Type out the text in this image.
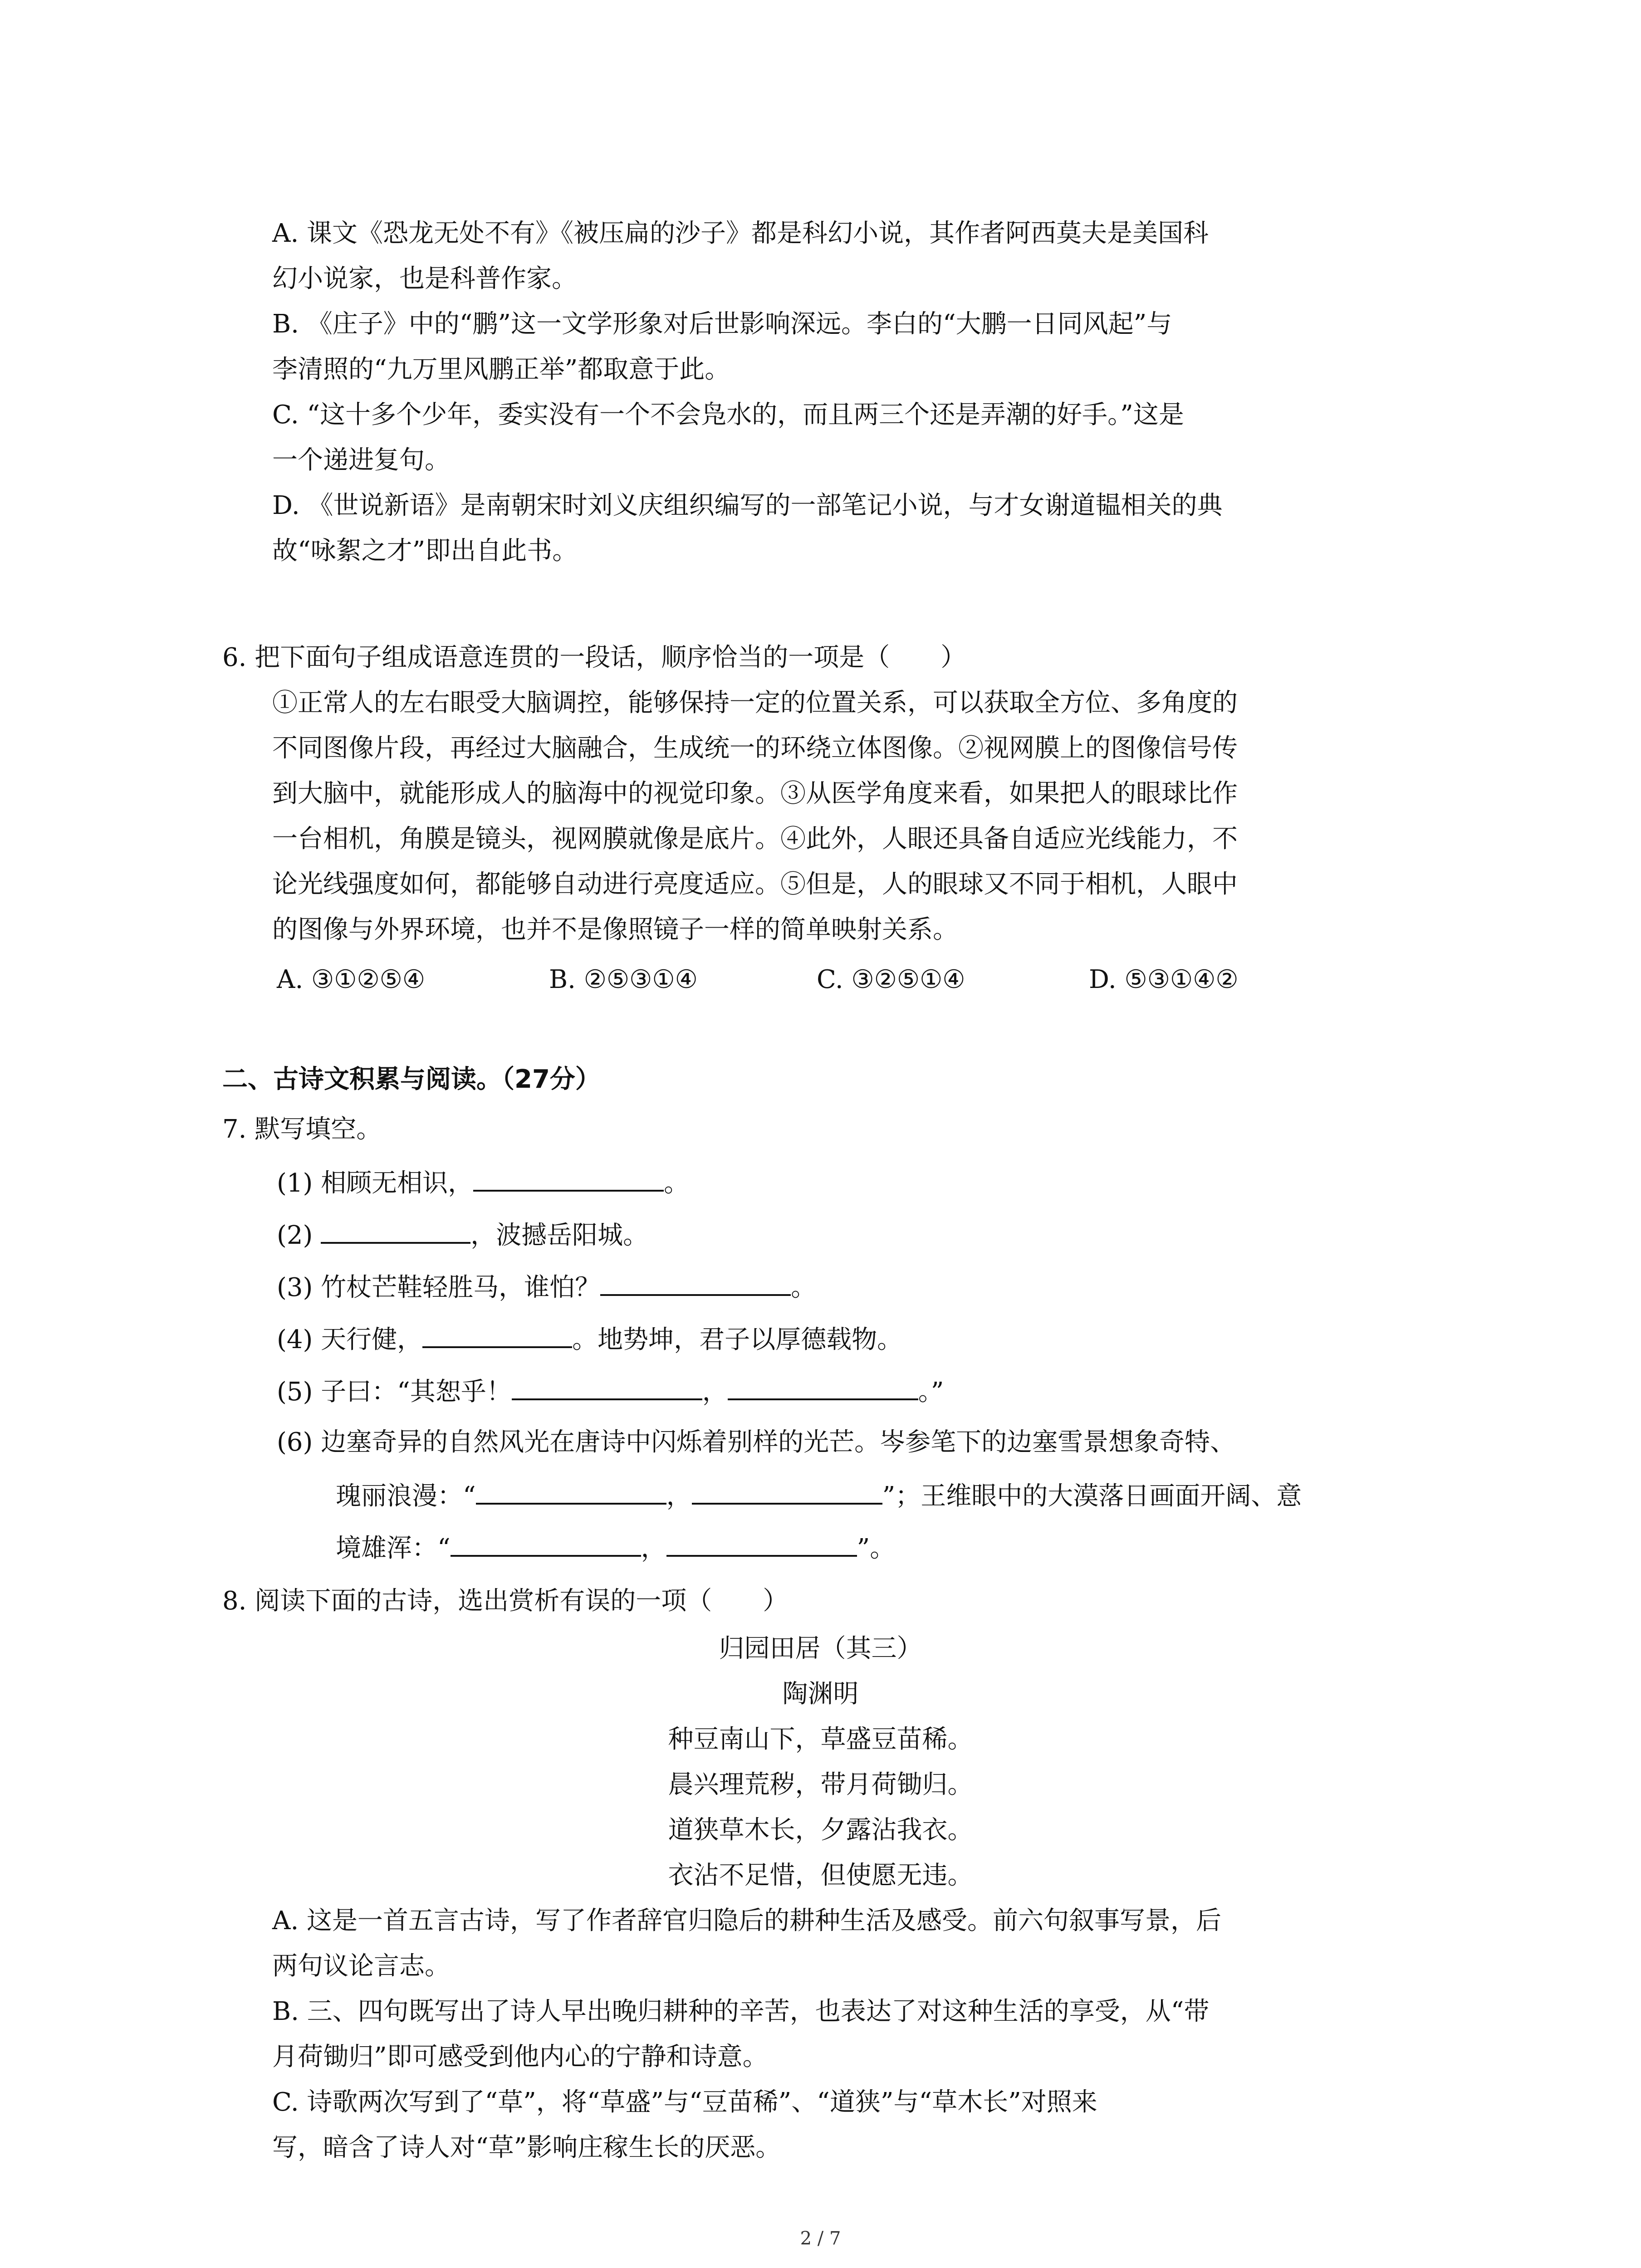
A. 课文《恐龙无处不有》《被压扁的沙子》都是科幻小说，其作者阿西莫夫是美国科
幻小说家，也是科普作家。
B. 《庄子》中的“鹏”这一文学形象对后世影响深远。李白的“大鹏一日同风起”与
李清照的“九万里风鹏正举”都取意于此。
C. “这十多个少年，委实没有一个不会凫水的，而且两三个还是弄潮的好手。”这是
一个递进复句。
D. 《世说新语》是南朝宋时刘义庆组织编写的一部笔记小说，与才女谢道韫相关的典
故“咏絮之才”即出自此书。
6. 把下面句子组成语意连贯的一段话，顺序恰当的一项是（　　）
①正常人的左右眼受大脑调控，能够保持一定的位置关系，可以获取全方位、多角度的
不同图像片段，再经过大脑融合，生成统一的环绕立体图像。②视网膜上的图像信号传
到大脑中，就能形成人的脑海中的视觉印象。③从医学角度来看，如果把人的眼球比作
一台相机，角膜是镜头，视网膜就像是底片。④此外，人眼还具备自适应光线能力，不
论光线强度如何，都能够自动进行亮度适应。⑤但是，人的眼球又不同于相机，人眼中
的图像与外界环境，也并不是像照镜子一样的简单映射关系。
A. ③①②⑤④	B. ②⑤③①④	C. ③②⑤①④	D. ⑤③①④②
二、古诗文积累与阅读。（27分）
7. 默写填空。
(1) 相顾无相识，	。
(2)	，波撼岳阳城。
(3) 竹杖芒鞋轻胜马，谁怕？	。
(4) 天行健，	。地势坤，君子以厚德载物。
(5) 子曰：“其恕乎！	，	。”
(6) 边塞奇异的自然风光在唐诗中闪烁着别样的光芒。岑参笔下的边塞雪景想象奇特、
瑰丽浪漫：“	，	”；王维眼中的大漠落日画面开阔、意
境雄浑：“	，	”。
8. 阅读下面的古诗，选出赏析有误的一项（　　）
归园田居（其三）
陶渊明
种豆南山下，草盛豆苗稀。
晨兴理荒秽，带月荷锄归。
道狭草木长，夕露沾我衣。
衣沾不足惜，但使愿无违。
A. 这是一首五言古诗，写了作者辞官归隐后的耕种生活及感受。前六句叙事写景，后
两句议论言志。
B. 三、四句既写出了诗人早出晚归耕种的辛苦，也表达了对这种生活的享受，从“带
月荷锄归”即可感受到他内心的宁静和诗意。
C. 诗歌两次写到了“草”，将“草盛”与“豆苗稀”、“道狭”与“草木长”对照来
写，暗含了诗人对“草”影响庄稼生长的厌恶。
2 / 7
